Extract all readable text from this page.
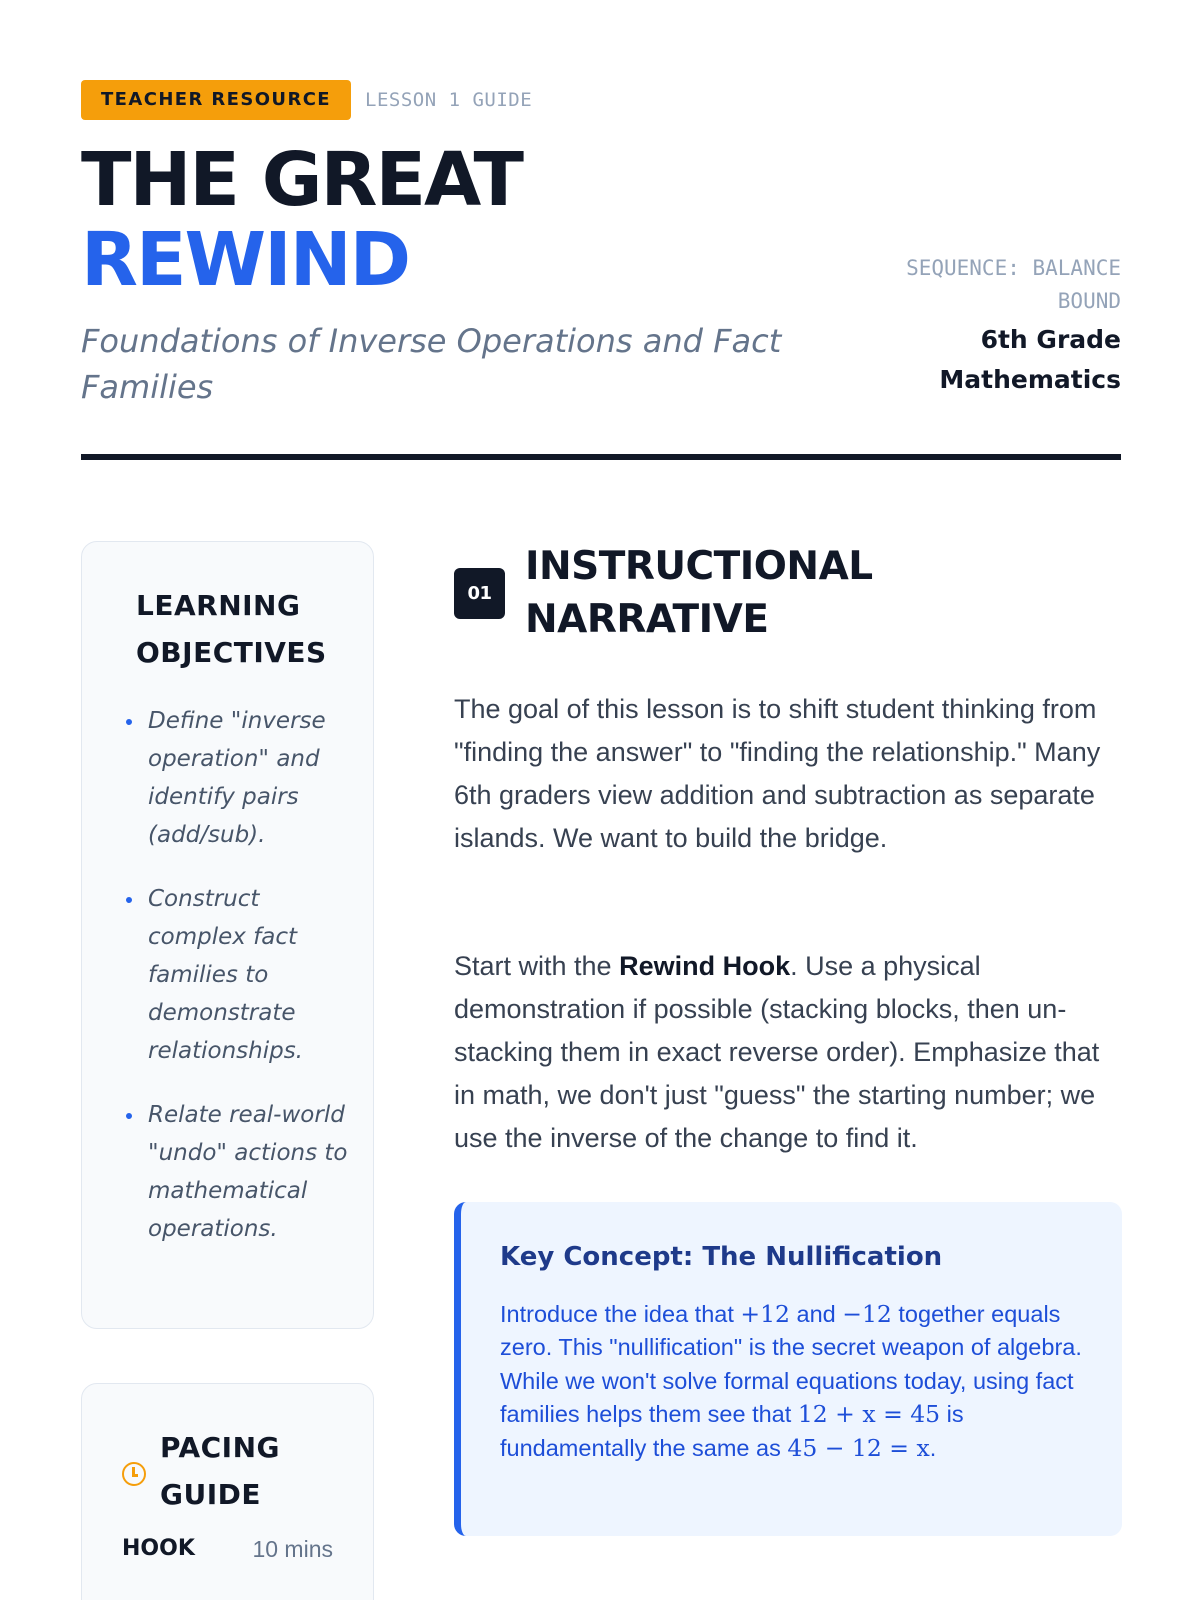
TEACHER RESOURCE	LESSON 1 GUIDE
THE GREAT
REWIND
Foundations of Inverse Operations and Fact Families
SEQUENCE: BALANCE BOUND
6th Grade Mathematics
LEARNING OBJECTIVES
Define "inverse operation" and identify pairs (add/sub).
Construct complex fact families to demonstrate relationships.
Relate real-world "undo" actions to mathematical operations.
PACING GUIDE
HOOK	10 mins
01
INSTRUCTIONAL NARRATIVE

The goal of this lesson is to shift student thinking from "finding the answer" to "finding the relationship." Many 6th graders view addition and subtraction as separate islands. We want to build the bridge.

Start with the Rewind Hook. Use a physical demonstration if possible (stacking blocks, then un-stacking them in exact reverse order). Emphasize that in math, we don't just "guess" the starting number; we use the inverse of the change to find it.

Key Concept: The Nullification

Introduce the idea that +12 and −12 together equals zero. This "nullification" is the secret weapon of algebra. While we won't solve formal equations today, using fact families helps them see that 12 + x = 45 is fundamentally the same as 45 − 12 = x.
